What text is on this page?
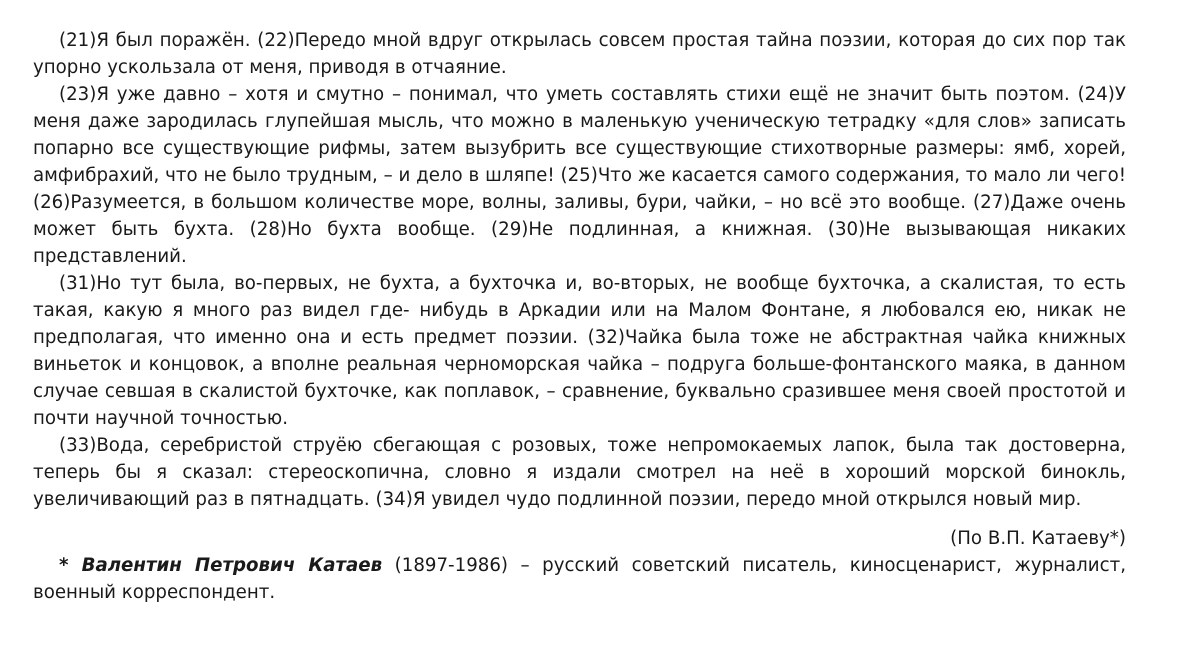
(21)Я был поражён. (22)Передо мной вдруг открылась совсем простая тайна поэзии, которая до сих пор так упорно ускользала от меня, приводя в отчаяние.

(23)Я уже давно – хотя и смутно – понимал, что уметь составлять стихи ещё не значит быть поэтом. (24)У меня даже зародилась глупейшая мысль, что можно в маленькую ученическую тетрадку «для слов» записать попарно все существующие рифмы, затем вызубрить все существующие стихотворные размеры: ямб, хорей, амфибрахий, что не было трудным, – и дело в шляпе! (25)Что же касается самого содержания, то мало ли чего! (26)Разумеется, в большом количестве море, волны, заливы, бури, чайки, – но всё это вообще. (27)Даже очень может быть бухта. (28)Но бухта вообще. (29)Не подлинная, а книжная. (30)Не вызывающая никаких представлений.

(31)Но тут была, во-первых, не бухта, а бухточка и, во-вторых, не вообще бухточка, а скалистая, то есть такая, какую я много раз видел где- нибудь в Аркадии или на Малом Фонтане, я любовался ею, никак не предполагая, что именно она и есть предмет поэзии. (32)Чайка была тоже не абстрактная чайка книжных виньеток и концовок, а вполне реальная черноморская чайка – подруга больше-фонтанского маяка, в данном случае севшая в скалистой бухточке, как поплавок, – сравнение, буквально сразившее меня своей простотой и почти научной точностью.

(33)Вода, серебристой струёю сбегающая с розовых, тоже непромокаемых лапок, была так достоверна, теперь бы я сказал: стереоскопична, словно я издали смотрел на неё в хороший морской бинокль, увеличивающий раз в пятнадцать. (34)Я увидел чудо подлинной поэзии, передо мной открылся новый мир.

(По В.П. Катаеву*)

* Валентин Петрович Катаев (1897-1986) – русский советский писатель, киносценарист, журналист, военный корреспондент.
